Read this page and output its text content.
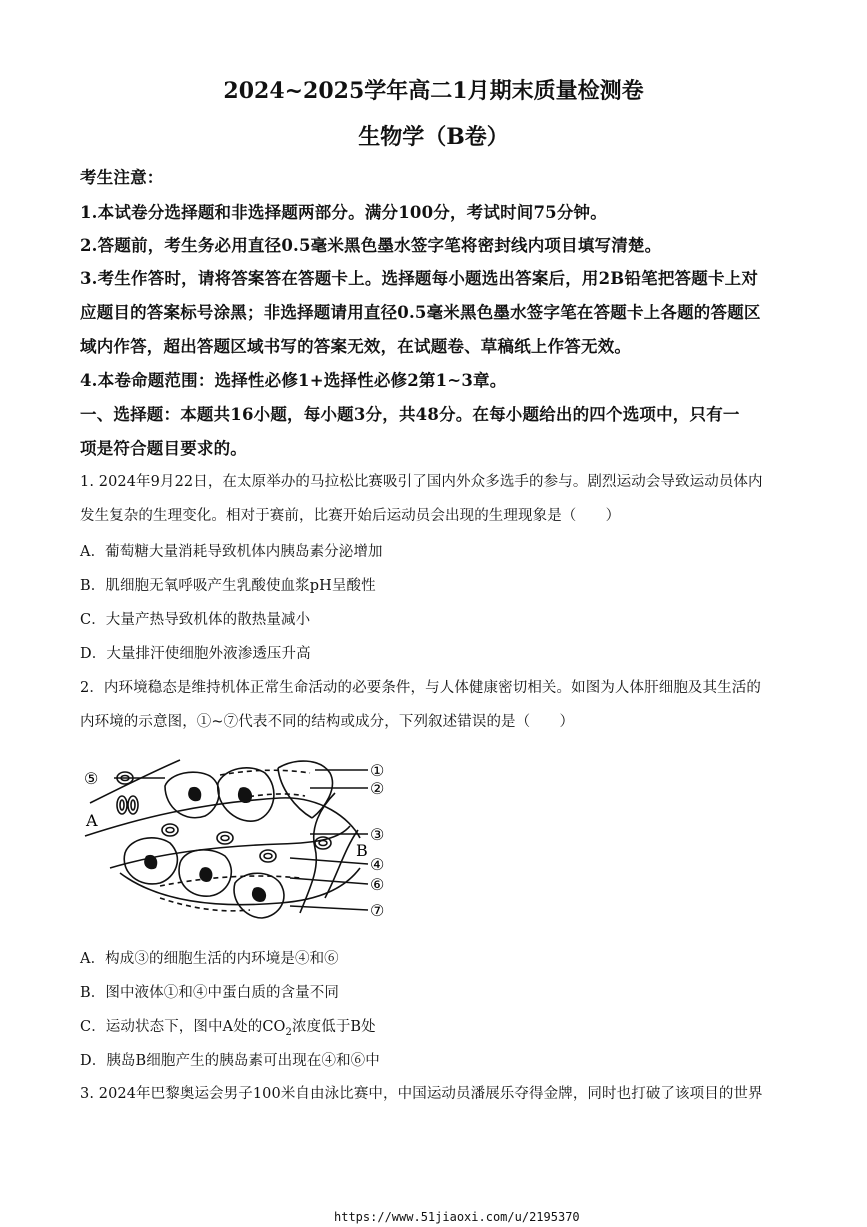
2024~2025学年高二1月期末质量检测卷
生物学（B卷）
考生注意：
1.本试卷分选择题和非选择题两部分。满分100分，考试时间75分钟。
2.答题前，考生务必用直径0.5毫米黑色墨水签字笔将密封线内项目填写清楚。
3.考生作答时，请将答案答在答题卡上。选择题每小题选出答案后，用2B铅笔把答题卡上对
应题目的答案标号涂黑；非选择题请用直径0.5毫米黑色墨水签字笔在答题卡上各题的答题区
域内作答，超出答题区域书写的答案无效，在试题卷、草稿纸上作答无效。
4.本卷命题范围：选择性必修1+选择性必修2第1~3章。
一、选择题：本题共16小题，每小题3分，共48分。在每小题给出的四个选项中，只有一
项是符合题目要求的。
1. 2024年9月22日，在太原举办的马拉松比赛吸引了国内外众多选手的参与。剧烈运动会导致运动员体内
发生复杂的生理变化。相对于赛前，比赛开始后运动员会出现的生理现象是（　　）
A．葡萄糖大量消耗导致机体内胰岛素分泌增加
B．肌细胞无氧呼吸产生乳酸使血浆pH呈酸性
C．大量产热导致机体的散热量减小
D．大量排汗使细胞外液渗透压升高
2．内环境稳态是维持机体正常生命活动的必要条件，与人体健康密切相关。如图为人体肝细胞及其生活的
内环境的示意图，①~⑦代表不同的结构或成分，下列叙述错误的是（　　）
⑤
A
①
②
③
B
④
⑥
⑦
A．构成③的细胞生活的内环境是④和⑥
B．图中液体①和④中蛋白质的含量不同
C．运动状态下，图中A处的$CO_2$浓度低于B处
D．胰岛B细胞产生的胰岛素可出现在④和⑥中
3. 2024年巴黎奥运会男子100米自由泳比赛中，中国运动员潘展乐夺得金牌，同时也打破了该项目的世界
https://www.51jiaoxi.com/u/2195370
